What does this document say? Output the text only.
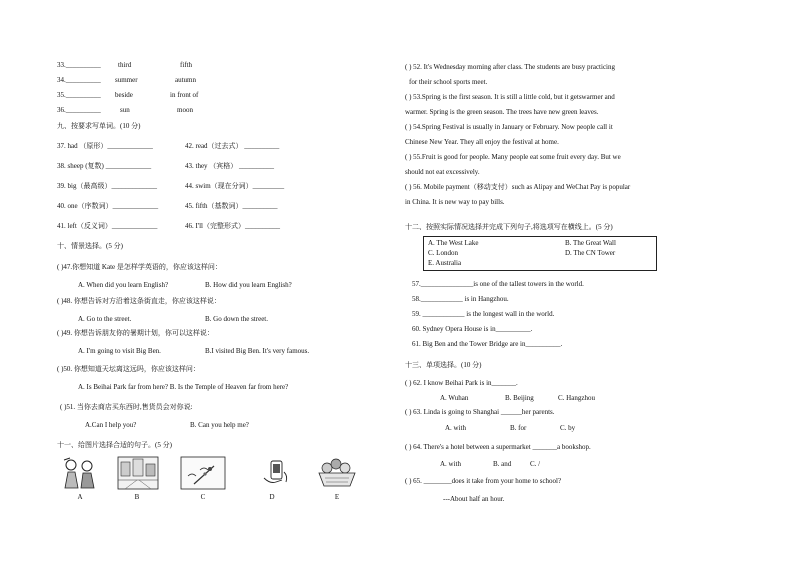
33.__________ third	fifth
34.__________ summer	autumn
35.__________ beside	in front of
36.__________	sun	moon
九、按要求写单词。(10 分)
37. had （原形）_____________	42. read（过去式） __________
38. sheep (复数) _____________	43. they （宾格） __________
39. big（最高级）_____________	44. swim（现在分词）_________
40. one（序数词）_____________	45. fifth（基数词）__________
41. left（反义词）_____________	46. I'll（完整形式）__________
十、情景选择。(5 分)
( )47.你想知道 Kate 是怎样学英语的，你应该这样问：
A. When did you learn English?	B. How did you learn English?
( )48. 你想告诉对方沿着这条街直走，你应该这样说：
A. Go to the street.	B. Go down the street.
( )49. 你想告诉朋友你的暑期计划，你可以这样说：
A. I'm going to visit Big Ben.	B.I visited Big Ben. It's very famous.
( )50. 你想知道天坛离这远吗，你应该这样问：
A. Is Beihai Park far from here? B. Is the Temple of Heaven far from here?
( )51. 当你去商店买东西时,售货员会对你说:
A.Can I help you?	B. Can you help me?
十一、给图片选择合适的句子。(5 分)
A	B	C	D	E
( ) 52. It's Wednesday morning after class. The students are busy practicing
for their school sports meet.
( ) 53.Spring is the first season. It is still a little cold, but it getswarmer and
warmer. Spring is the green season. The trees have new green leaves.
( ) 54.Spring Festival is usually in January or February. Now people call it
Chinese New Year. They all enjoy the festival at home.
( ) 55.Fruit is good for people. Many people eat some fruit every day. But we
should not eat excessively.
( ) 56. Mobile payment（移动支付）such as Alipay and WeChat Pay is popular
in China. It is new way to pay bills.
十二、按照实际情况选择并完成下列句子,将选项写在横线上。(5 分)
A. The West Lake	B. The Great Wall
C. London	D. The CN Tower
E. Australia
57._______________is one of the tallest towers in the world.
58.____________ is in Hangzhou.
59. ____________ is the longest wall in the world.
60. Sydney Opera House is in__________.
61. Big Ben and the Tower Bridge are in__________.
十三、单项选择。(10 分)
( ) 62. I know Beihai Park is in_______.
A. Wuhan	B. Beijing	C. Hangzhou
( ) 63. Linda is going to Shanghai ______her parents.
A. with	B. for	C. by
( ) 64. There's a hotel between a supermarket _______a bookshop.
A. with	B. and	C. /
( ) 65. ________does it take from your home to school?
---About half an hour.
